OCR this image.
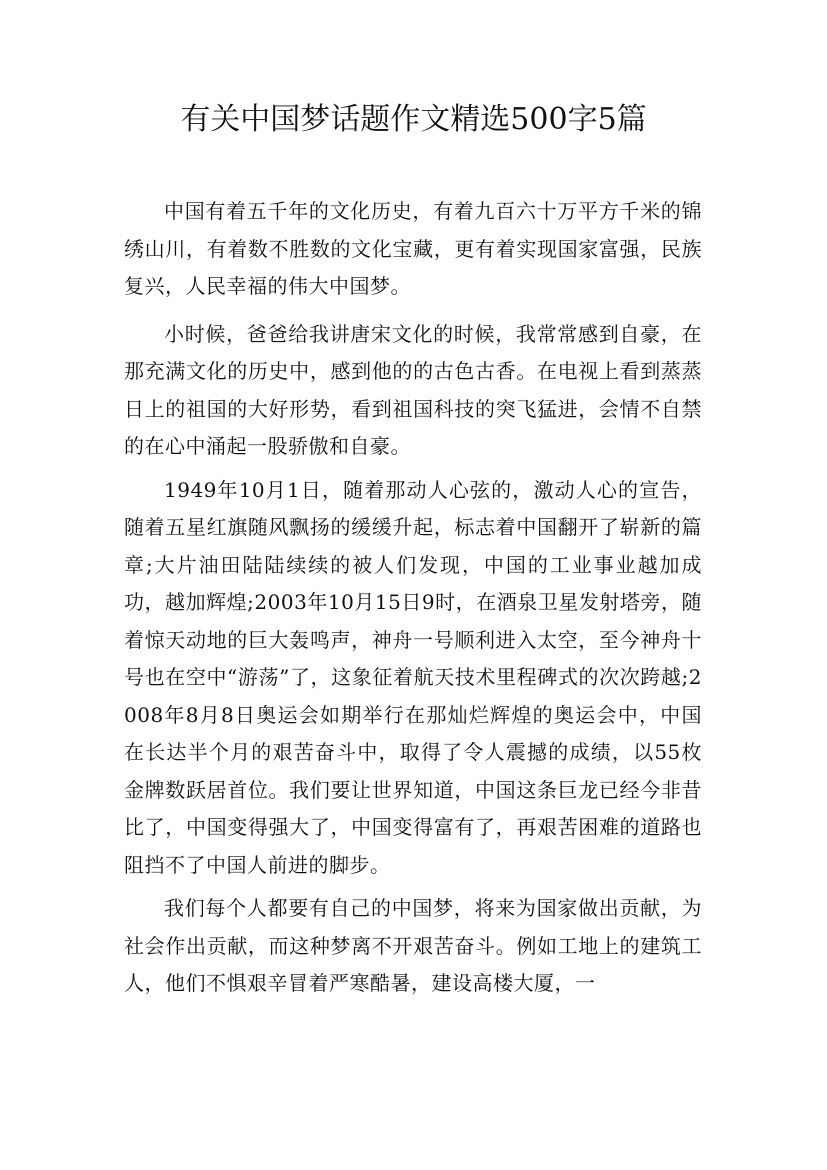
有关中国梦话题作文精选500字5篇

中国有着五千年的文化历史，有着九百六十万平方千米的锦绣山川，有着数不胜数的文化宝藏，更有着实现国家富强，民族复兴，人民幸福的伟大中国梦。

小时候，爸爸给我讲唐宋文化的时候，我常常感到自豪，在那充满文化的历史中，感到他的的古色古香。在电视上看到蒸蒸日上的祖国的大好形势，看到祖国科技的突飞猛进，会情不自禁的在心中涌起一股骄傲和自豪。

1949年10月1日，随着那动人心弦的，激动人心的宣告，随着五星红旗随风飘扬的缓缓升起，标志着中国翻开了崭新的篇章;大片油田陆陆续续的被人们发现，中国的工业事业越加成功，越加辉煌;2003年10月15日9时，在酒泉卫星发射塔旁，随着惊天动地的巨大轰鸣声，神舟一号顺利进入太空，至今神舟十号也在空中“游荡”了，这象征着航天技术里程碑式的次次跨越;2008年8月8日奥运会如期举行在那灿烂辉煌的奥运会中，中国在长达半个月的艰苦奋斗中，取得了令人震撼的成绩，以55枚金牌数跃居首位。我们要让世界知道，中国这条巨龙已经今非昔比了，中国变得强大了，中国变得富有了，再艰苦困难的道路也阻挡不了中国人前进的脚步。

我们每个人都要有自己的中国梦，将来为国家做出贡献，为社会作出贡献，而这种梦离不开艰苦奋斗。例如工地上的建筑工人，他们不惧艰辛冒着严寒酷暑，建设高楼大厦，一
